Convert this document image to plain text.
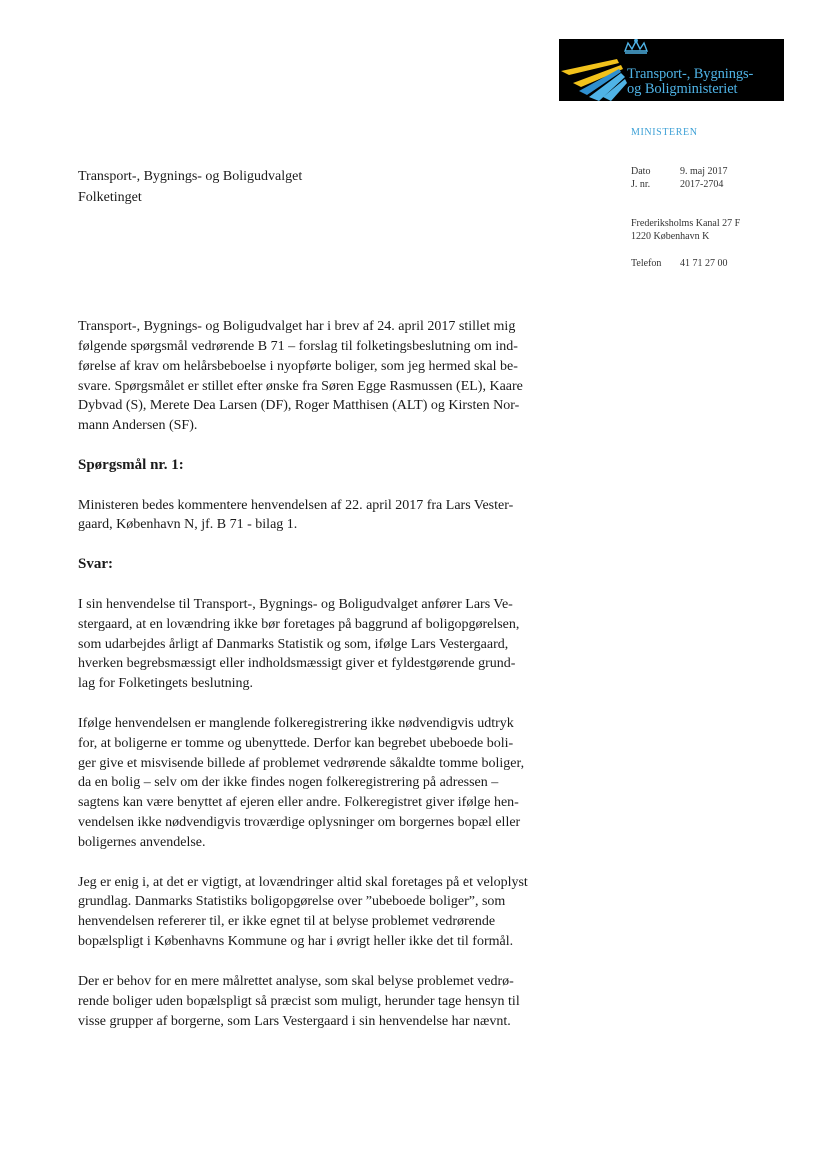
Transport-, Bygnings-
og Boligministeriet
MINISTEREN
Dato	9. maj 2017
J. nr.	2017-2704
Frederiksholms Kanal 27 F
1220 København K
Telefon 41 71 27 00
Transport-, Bygnings- og Boligudvalget
Folketinget

Transport-, Bygnings- og Boligudvalget har i brev af 24. april 2017 stillet mig
følgende spørgsmål vedrørende B 71 – forslag til folketingsbeslutning om ind-
førelse af krav om helårsbeboelse i nyopførte boliger, som jeg hermed skal be-
svare. Spørgsmålet er stillet efter ønske fra Søren Egge Rasmussen (EL), Kaare
Dybvad (S), Merete Dea Larsen (DF), Roger Matthisen (ALT) og Kirsten Nor-
mann Andersen (SF).

Spørgsmål nr. 1:

Ministeren bedes kommentere henvendelsen af 22. april 2017 fra Lars Vester-
gaard, København N, jf. B 71 - bilag 1.

Svar:

I sin henvendelse til Transport-, Bygnings- og Boligudvalget anfører Lars Ve-
stergaard, at en lovændring ikke bør foretages på baggrund af boligopgørelsen,
som udarbejdes årligt af Danmarks Statistik og som, ifølge Lars Vestergaard,
hverken begrebsmæssigt eller indholdsmæssigt giver et fyldestgørende grund-
lag for Folketingets beslutning.

Ifølge henvendelsen er manglende folkeregistrering ikke nødvendigvis udtryk
for, at boligerne er tomme og ubenyttede. Derfor kan begrebet ubeboede boli-
ger give et misvisende billede af problemet vedrørende såkaldte tomme boliger,
da en bolig – selv om der ikke findes nogen folkeregistrering på adressen –
sagtens kan være benyttet af ejeren eller andre. Folkeregistret giver ifølge hen-
vendelsen ikke nødvendigvis troværdige oplysninger om borgernes bopæl eller
boligernes anvendelse.

Jeg er enig i, at det er vigtigt, at lovændringer altid skal foretages på et veloplyst
grundlag. Danmarks Statistiks boligopgørelse over ”ubeboede boliger”, som
henvendelsen refererer til, er ikke egnet til at belyse problemet vedrørende
bopælspligt i Københavns Kommune og har i øvrigt heller ikke det til formål.

Der er behov for en mere målrettet analyse, som skal belyse problemet vedrø-
rende boliger uden bopælspligt så præcist som muligt, herunder tage hensyn til
visse grupper af borgerne, som Lars Vestergaard i sin henvendelse har nævnt.
